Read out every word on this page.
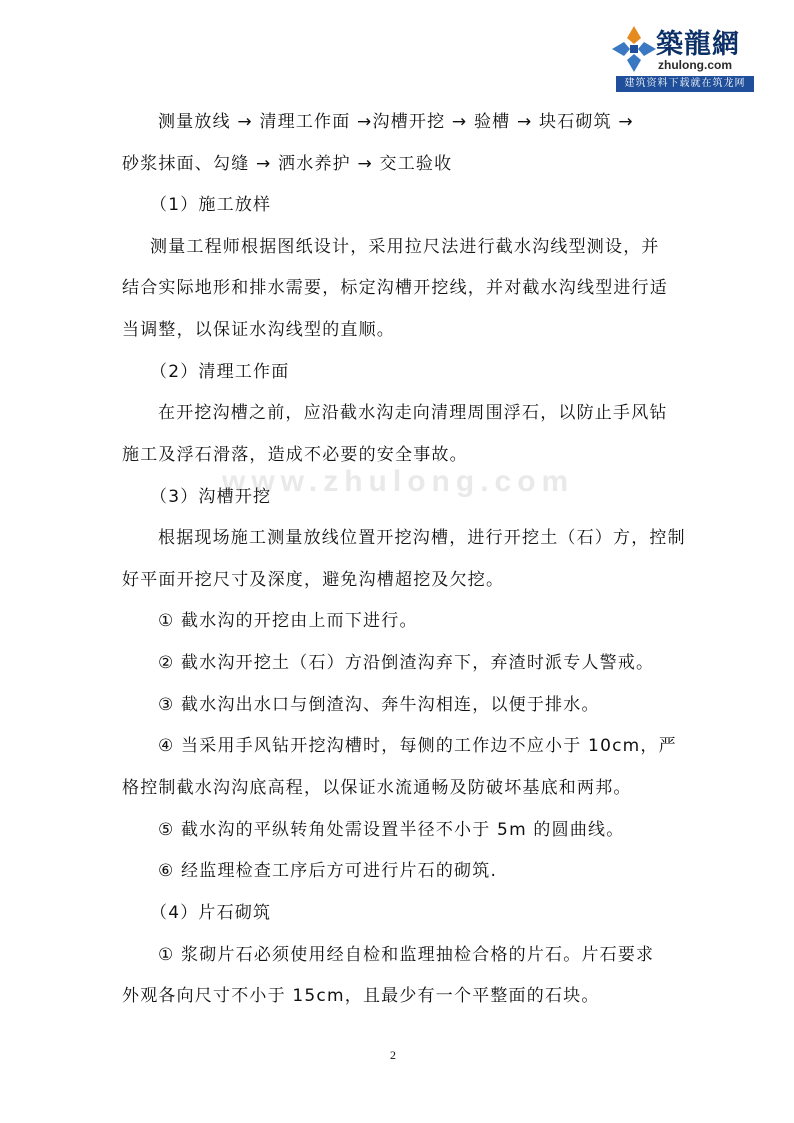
築龍網
zhulong.com
建筑资料下载就在筑龙网
www.zhulong.com
测量放线 → 清理工作面 →沟槽开挖 → 验槽 → 块石砌筑 →
砂浆抹面、勾缝 → 洒水养护 → 交工验收
（1）施工放样
测量工程师根据图纸设计，采用拉尺法进行截水沟线型测设，并
结合实际地形和排水需要，标定沟槽开挖线，并对截水沟线型进行适
当调整，以保证水沟线型的直顺。
（2）清理工作面
在开挖沟槽之前，应沿截水沟走向清理周围浮石，以防止手风钻
施工及浮石滑落，造成不必要的安全事故。
（3）沟槽开挖
根据现场施工测量放线位置开挖沟槽，进行开挖土（石）方，控制
好平面开挖尺寸及深度，避免沟槽超挖及欠挖。
① 截水沟的开挖由上而下进行。
② 截水沟开挖土（石）方沿倒渣沟弃下，弃渣时派专人警戒。
③ 截水沟出水口与倒渣沟、奔牛沟相连，以便于排水。
④ 当采用手风钻开挖沟槽时，每侧的工作边不应小于 10cm，严
格控制截水沟沟底高程，以保证水流通畅及防破坏基底和两邦。
⑤ 截水沟的平纵转角处需设置半径不小于 5m 的圆曲线。
⑥ 经监理检查工序后方可进行片石的砌筑.
（4）片石砌筑
① 浆砌片石必须使用经自检和监理抽检合格的片石。片石要求
外观各向尺寸不小于 15cm，且最少有一个平整面的石块。
2
